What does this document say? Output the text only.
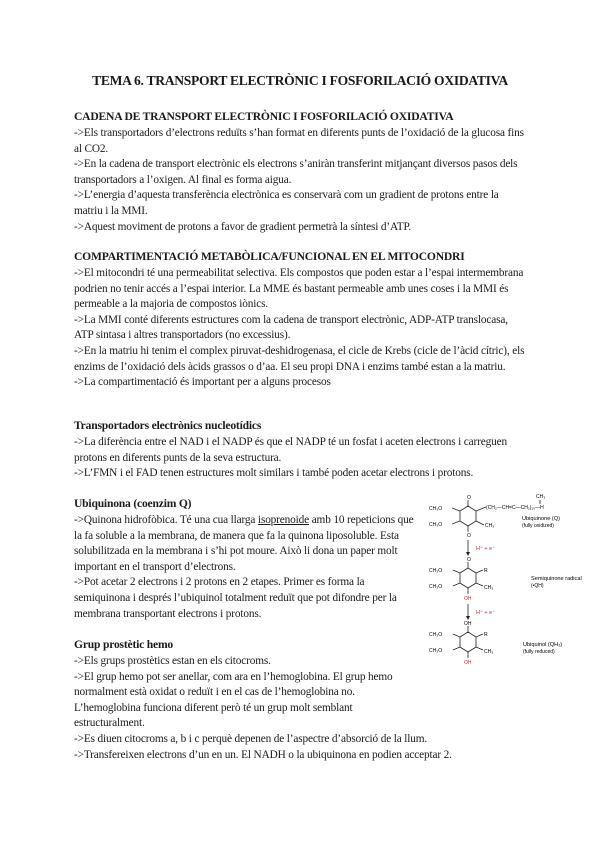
TEMA 6. TRANSPORT ELECTRÒNIC I FOSFORILACIÓ OXIDATIVA
CADENA DE TRANSPORT ELECTRÒNIC I FOSFORILACIÓ OXIDATIVA

->Els transportadors d’electrons reduïts s’han format en diferents punts de l’oxidació de la glucosa fins al CO2.

->En la cadena de transport electrònic els electrons s’aniràn transferint mitjançant diversos pasos dels transportadors a l’oxigen. Al final es forma aigua.

->L’energia d’aquesta transferència electrònica es conservarà com un gradient de protons entre la matriu i la MMI.

->Aquest moviment de protons a favor de gradient permetrà la síntesi d’ATP.

COMPARTIMENTACIÓ METABÒLICA/FUNCIONAL EN EL MITOCONDRI

->El mitocondri té una permeabilitat selectiva. Els compostos que poden estar a l’espai intermembrana podrien no tenir accés a l’espai interior. La MME és bastant permeable amb unes coses i la MMI és permeable a la majoria de compostos iònics.

->La MMI conté diferents estructures com la cadena de transport electrònic, ADP-ATP translocasa, ATP sintasa i altres transportadors (no excessius).

->En la matriu hi tenim el complex piruvat-deshidrogenasa, el cicle de Krebs (cicle de l’àcid cítric), els enzims de l’oxidació dels àcids grassos o d’aa. El seu propi DNA i enzims també estan a la matriu.

->La compartimentació és important per a alguns procesos

Transportadors electrònics nucleotídics

->La diferència entre el NAD i el NADP és que el NADP té un fosfat i aceten electrons i carreguen protons en diferents punts de la seva estructura.

->L’FMN i el FAD tenen estructures molt similars i també poden acetar electrons i protons.

Ubiquinona (coenzim Q)

->Quinona hidrofòbica. Té una cua llarga isoprenoide amb 10 repeticions que la fa soluble a la membrana, de manera que fa la quinona liposoluble. Esta solubilitzada en la membrana i s’hi pot moure. Això li dona un paper molt important en el transport d’electrons.

->Pot acetar 2 electrons i 2 protons en 2 etapes. Primer es forma la semiquinona i després l’ubiquinol totalment reduït que pot difondre per la membrana transportant electrons i protons.

Grup prostètic hemo

->Els grups prostètics estan en els citocroms.

->El grup hemo pot ser anellar, com ara en l’hemoglobina. El grup hemo normalment està oxidat o reduït i en el cas de l’hemoglobina no. L’hemoglobina funciona diferent però té un grup molt semblant estructuralment.

->Es diuen citocroms a, b i c perquè depenen de l’aspectre d’absorció de la llum.

->Transfereixen electrons d’un en un. El NADH o la ubiquinona en podien acceptar 2.

O
O
CH₃O
CH₃O	CH₃
(CH₂—CH=C—CH₂)₁₀—H
CH₃
Ubiquinone (Q)
(fully oxidized)
H⁺ + e⁻
O
OH
CH₃O
CH₃O
R
CH₃
Semiquinone radical
(•QH)
H⁺ + e⁻
OH
OH
CH₃O
CH₃O
R
CH₃
Ubiquinol (QH₂)
(fully reduced)
